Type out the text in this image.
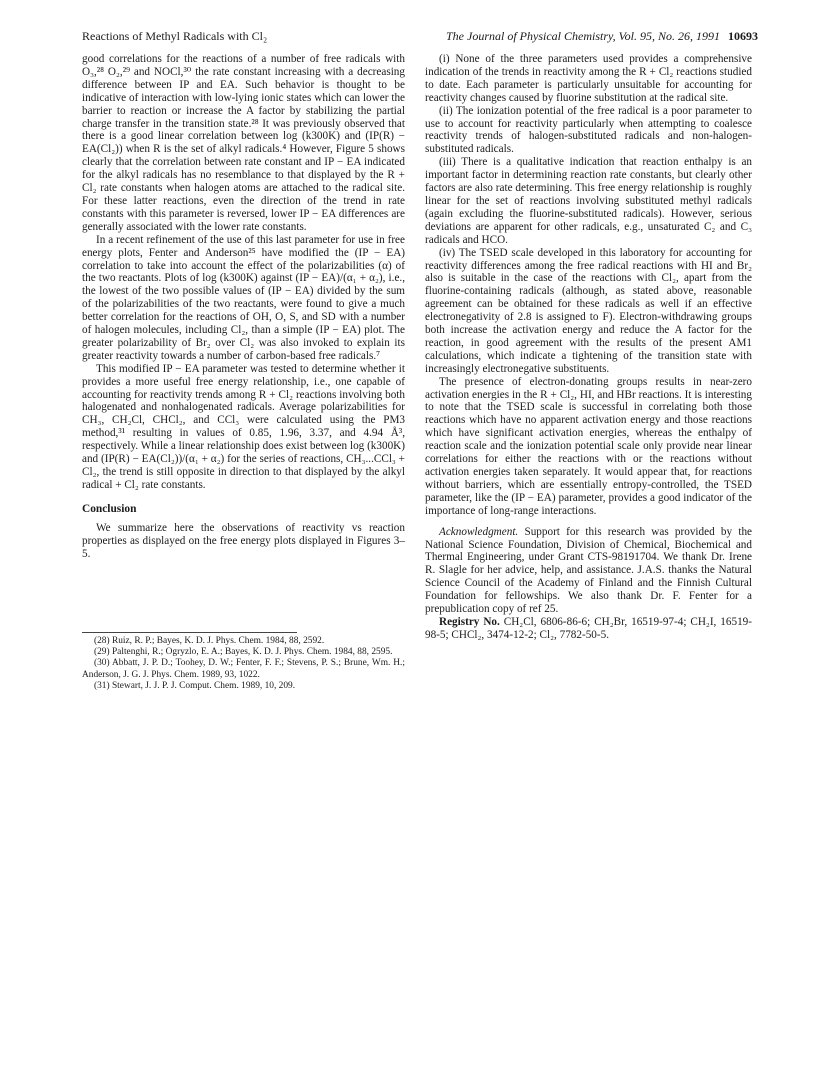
Reactions of Methyl Radicals with Cl₂	The Journal of Physical Chemistry, Vol. 95, No. 26, 1991 10693

good correlations for the reactions of a number of free radicals with O₃,²⁸ O₂,²⁹ and NOCl,³⁰ the rate constant increasing with a decreasing difference between IP and EA. Such behavior is thought to be indicative of interaction with low-lying ionic states which can lower the barrier to reaction or increase the A factor by stabilizing the partial charge transfer in the transition state.²⁸ It was previously observed that there is a good linear correlation between log (k300K) and (IP(R) − EA(Cl₂)) when R is the set of alkyl radicals.⁴ However, Figure 5 shows clearly that the correlation between rate constant and IP − EA indicated for the alkyl radicals has no resemblance to that displayed by the R + Cl₂ rate constants when halogen atoms are attached to the radical site. For these latter reactions, even the direction of the trend in rate constants with this parameter is reversed, lower IP − EA differences are generally associated with the lower rate constants.

In a recent refinement of the use of this last parameter for use in free energy plots, Fenter and Anderson²⁵ have modified the (IP − EA) correlation to take into account the effect of the polarizabilities (α) of the two reactants. Plots of log (k300K) against (IP − EA)/(α₁ + α₂), i.e., the lowest of the two possible values of (IP − EA) divided by the sum of the polarizabilities of the two reactants, were found to give a much better correlation for the reactions of OH, O, S, and SD with a number of halogen molecules, including Cl₂, than a simple (IP − EA) plot. The greater polarizability of Br₂ over Cl₂ was also invoked to explain its greater reactivity towards a number of carbon-based free radicals.⁷

This modified IP − EA parameter was tested to determine whether it provides a more useful free energy relationship, i.e., one capable of accounting for reactivity trends among R + Cl₂ reactions involving both halogenated and nonhalogenated radicals. Average polarizabilities for CH₃, CH₂Cl, CHCl₂, and CCl₃ were calculated using the PM3 method,³¹ resulting in values of 0.85, 1.96, 3.37, and 4.94 Å³, respectively. While a linear relationship does exist between log (k300K) and (IP(R) − EA(Cl₂))/(α₁ + α₂) for the series of reactions, CH₃...CCl₃ + Cl₂, the trend is still opposite in direction to that displayed by the alkyl radical + Cl₂ rate constants.

Conclusion

We summarize here the observations of reactivity vs reaction properties as displayed on the free energy plots displayed in Figures 3–5.

(28) Ruiz, R. P.; Bayes, K. D. J. Phys. Chem. 1984, 88, 2592.

(29) Paltenghi, R.; Ogryzlo, E. A.; Bayes, K. D. J. Phys. Chem. 1984, 88, 2595.

(30) Abbatt, J. P. D.; Toohey, D. W.; Fenter, F. F.; Stevens, P. S.; Brune, Wm. H.; Anderson, J. G. J. Phys. Chem. 1989, 93, 1022.

(31) Stewart, J. J. P. J. Comput. Chem. 1989, 10, 209.

(i) None of the three parameters used provides a comprehensive indication of the trends in reactivity among the R + Cl₂ reactions studied to date. Each parameter is particularly unsuitable for accounting for reactivity changes caused by fluorine substitution at the radical site.

(ii) The ionization potential of the free radical is a poor parameter to use to account for reactivity particularly when attempting to coalesce reactivity trends of halogen-substituted radicals and non-halogen-substituted radicals.

(iii) There is a qualitative indication that reaction enthalpy is an important factor in determining reaction rate constants, but clearly other factors are also rate determining. This free energy relationship is roughly linear for the set of reactions involving substituted methyl radicals (again excluding the fluorine-substituted radicals). However, serious deviations are apparent for other radicals, e.g., unsaturated C₂ and C₃ radicals and HCO.

(iv) The TSED scale developed in this laboratory for accounting for reactivity differences among the free radical reactions with HI and Br₂ also is suitable in the case of the reactions with Cl₂, apart from the fluorine-containing radicals (although, as stated above, reasonable agreement can be obtained for these radicals as well if an effective electronegativity of 2.8 is assigned to F). Electron-withdrawing groups both increase the activation energy and reduce the A factor for the reaction, in good agreement with the results of the present AM1 calculations, which indicate a tightening of the transition state with increasingly electronegative substituents.

The presence of electron-donating groups results in near-zero activation energies in the R + Cl₂, HI, and HBr reactions. It is interesting to note that the TSED scale is successful in correlating both those reactions which have no apparent activation energy and those reactions which have significant activation energies, whereas the enthalpy of reaction scale and the ionization potential scale only provide near linear correlations for either the reactions with or the reactions without activation energies taken separately. It would appear that, for reactions without barriers, which are essentially entropy-controlled, the TSED parameter, like the (IP − EA) parameter, provides a good indicator of the importance of long-range interactions.

Acknowledgment. Support for this research was provided by the National Science Foundation, Division of Chemical, Biochemical and Thermal Engineering, under Grant CTS-98191704. We thank Dr. Irene R. Slagle for her advice, help, and assistance. J.A.S. thanks the Natural Science Council of the Academy of Finland and the Finnish Cultural Foundation for fellowships. We also thank Dr. F. Fenter for a prepublication copy of ref 25.

Registry No. CH₂Cl, 6806-86-6; CH₂Br, 16519-97-4; CH₂I, 16519-98-5; CHCl₂, 3474-12-2; Cl₂, 7782-50-5.
